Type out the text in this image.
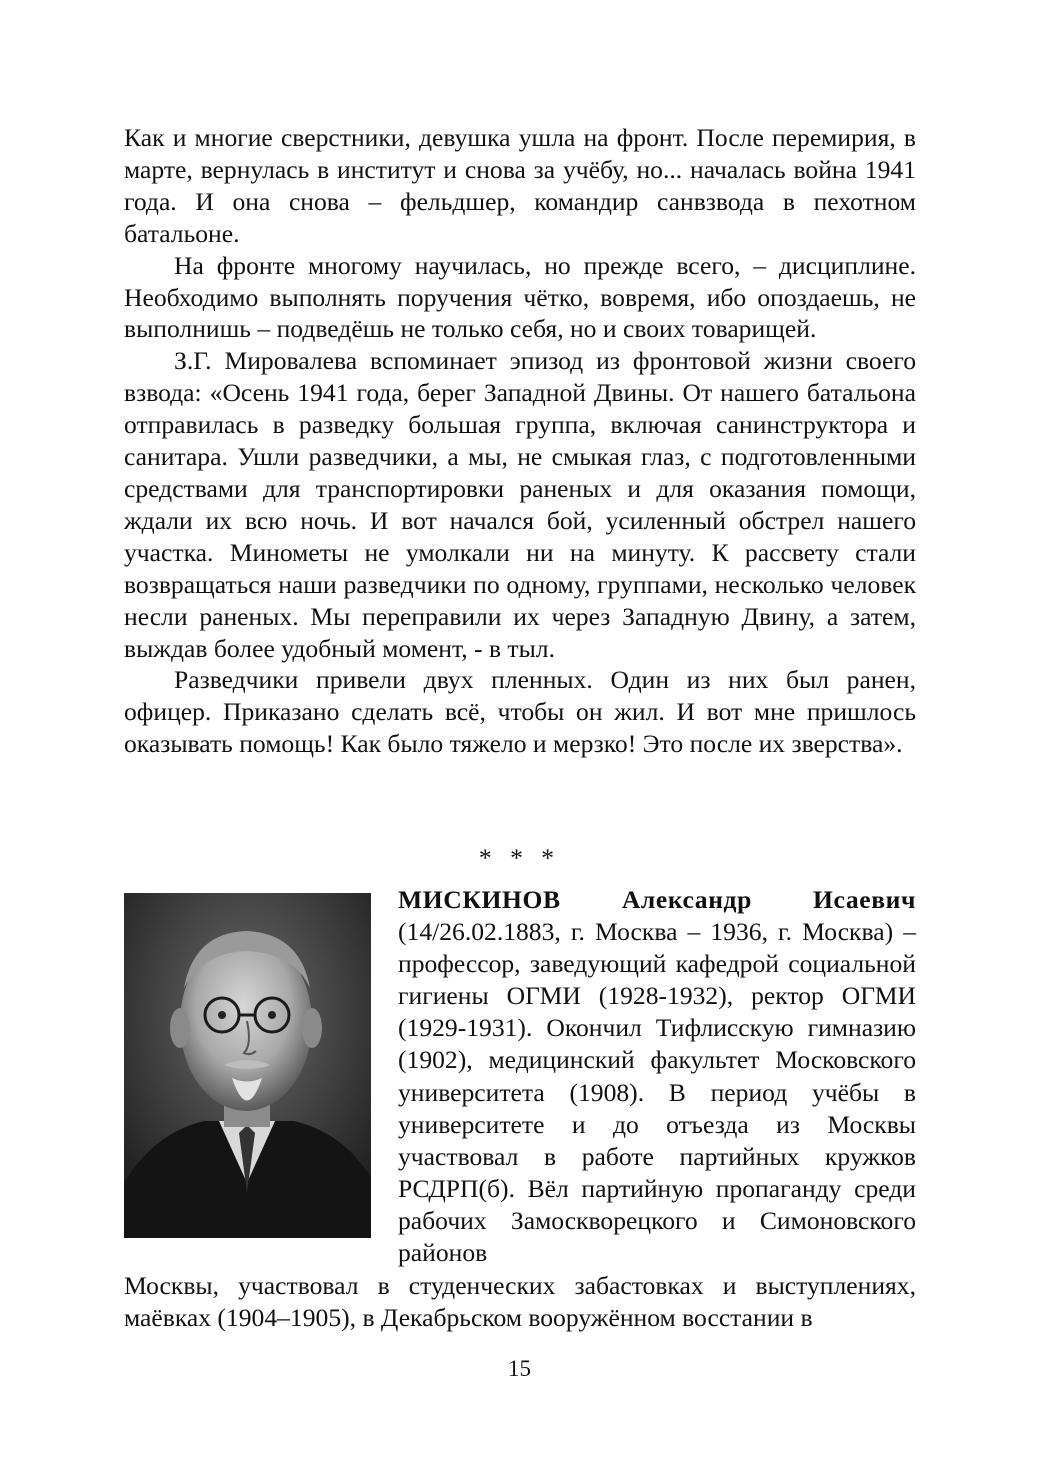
Как и многие сверстники, девушка ушла на фронт. После перемирия, в марте, вернулась в институт и снова за учёбу, но... началась война 1941 года. И она снова – фельдшер, командир санвзвода в пехотном батальоне.

На фронте многому научилась, но прежде всего, – дисциплине. Необходимо выполнять поручения чётко, вовремя, ибо опоздаешь, не выполнишь – подведёшь не только себя, но и своих товарищей.

З.Г. Мировалева вспоминает эпизод из фронтовой жизни своего взвода: «Осень 1941 года, берег Западной Двины. От нашего батальона отправилась в разведку большая группа, включая санинструктора и санитара. Ушли разведчики, а мы, не смыкая глаз, с подготовленными средствами для транспортировки раненых и для оказания помощи, ждали их всю ночь. И вот начался бой, усиленный обстрел нашего участка. Минометы не умолкали ни на минуту. К рассвету стали возвращаться наши разведчики по одному, группами, несколько человек несли раненых. Мы переправили их через Западную Двину, а затем, выждав более удобный момент, - в тыл.

Разведчики привели двух пленных. Один из них был ранен, офицер. Приказано сделать всё, чтобы он жил. И вот мне пришлось оказывать помощь! Как было тяжело и мерзко! Это после их зверства».

* * *

МИСКИНОВ Александр Исаевич (14/26.02.1883, г. Москва – 1936, г. Москва) – профессор, заведующий кафедрой социальной гигиены ОГМИ (1928-1932), ректор ОГМИ (1929-1931). Окончил Тифлисскую гимназию (1902), медицинский факультет Московского университета (1908). В период учёбы в университете и до отъезда из Москвы участвовал в работе партийных кружков РСДРП(б). Вёл партийную пропаганду среди рабочих Замоскворецкого и Симоновского районов

Москвы, участвовал в студенческих забастовках и выступлениях, маёвках (1904–1905), в Декабрьском вооружённом восстании в

15
